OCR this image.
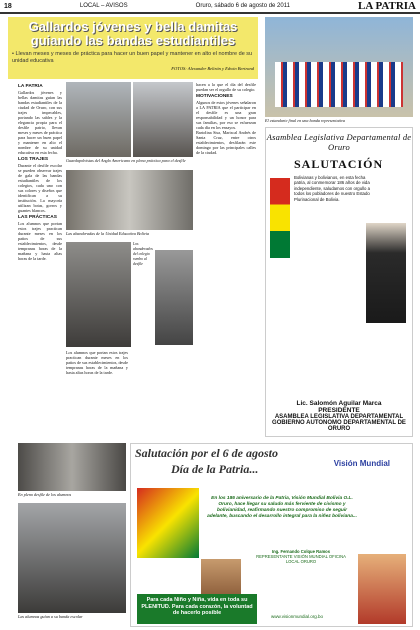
18	LOCAL – AVISOS	Oruro, sábado 6 de agosto de 2011	LA PATRIA
Gallardos jóvenes y bella damitas
guiando las bandas estudiantiles
• Llevan meses y meses de práctica para hacer un buen papel y mantener en alto el nombre de su unidad educativa
FOTOS: Alexander Beltrán y Edwin Bertrand
LA PATRIA

Gallardos jóvenes y bellas damitas guían las bandas estudiantiles de la ciudad de Oruro, con sus trajes impecables, portando las sables y la elegancia propia para el desfile patrio, llevan meses y meses de práctica para hacer un buen papel y mantener en alto el nombre de su unidad educativa en esta fecha.

LOS TRAJES

Durante el desfile escolar se pueden observar trajes de gala de las bandas estudiantiles de los colegios, cada uno con sus colores y diseños que identifican a su institución. La mayoría utilizan botas, gorros y guantes blancos.

LAS PRÁCTICAS

Los alumnos que portan estos trajes practican durante meses en los patios de sus establecimientos, desde tempranas horas de la mañana y hasta altas horas de la tarde.

Guardapolvistas del Anglo Americano en plena práctica para el desfile
Las abanderadas de la Unidad Educativa Bolivia
Los abanderados del colegio rumbo al desfile

Los alumnos que portan estos trajes practican durante meses en los patios de sus establecimientos, desde tempranas horas de la mañana y hasta altas horas de la tarde.

hacen a la que el día del desfile puedan ser el orgullo de su colegio.

MOTIVACIONES

Algunos de estos jóvenes señalaron a LA PATRIA que el participar en el desfile es una gran responsabilidad y un honor para sus familias, por eso se esfuerzan cada día en los ensayos.

Bartolina Sisa, Mariscal Andrés de Santa Cruz, entre otros establecimientos, desfilarán este domingo por las principales calles de la ciudad.

En pleno desfile de los alumnos
Las alumnas guían a su banda escolar
El estandarte final en una banda representativa
Asamblea Legislativa Departamental de Oruro
SALUTACIÓN
Bolivianas y bolivianos, en esta fecha patria, al conmemorar 186 años de vida independiente, saludamos con orgullo a todos los pobladores de nuestro Estado Plurinacional de Bolivia.
Lic. Salomón Aguilar Marca
PRESIDENTE
ASAMBLEA LEGISLATIVA DEPARTAMENTAL
GOBIERNO AUTONOMO DEPARTAMENTAL DE ORURO
Salutación por el 6 de agosto
Día de la Patria...	Visión Mundial
En los 186 aniversario de la Patria, Visión Mundial Bolivia O.L. Oruro, hace llegar su saludo más ferviente de civismo y bolivianidad, reafirmando nuestro compromiso de seguir adelante, buscando el desarrollo integral para la niñez boliviana...
Ing. Fernando Colque Ramos
REPRESENTANTE VISIÓN MUNDIAL OFICINA LOCAL ORURO
Para cada Niño y Niña, vida en toda su PLENITUD. Para cada corazón, la voluntad de hacerlo posible
www.visionmundial.org.bo
